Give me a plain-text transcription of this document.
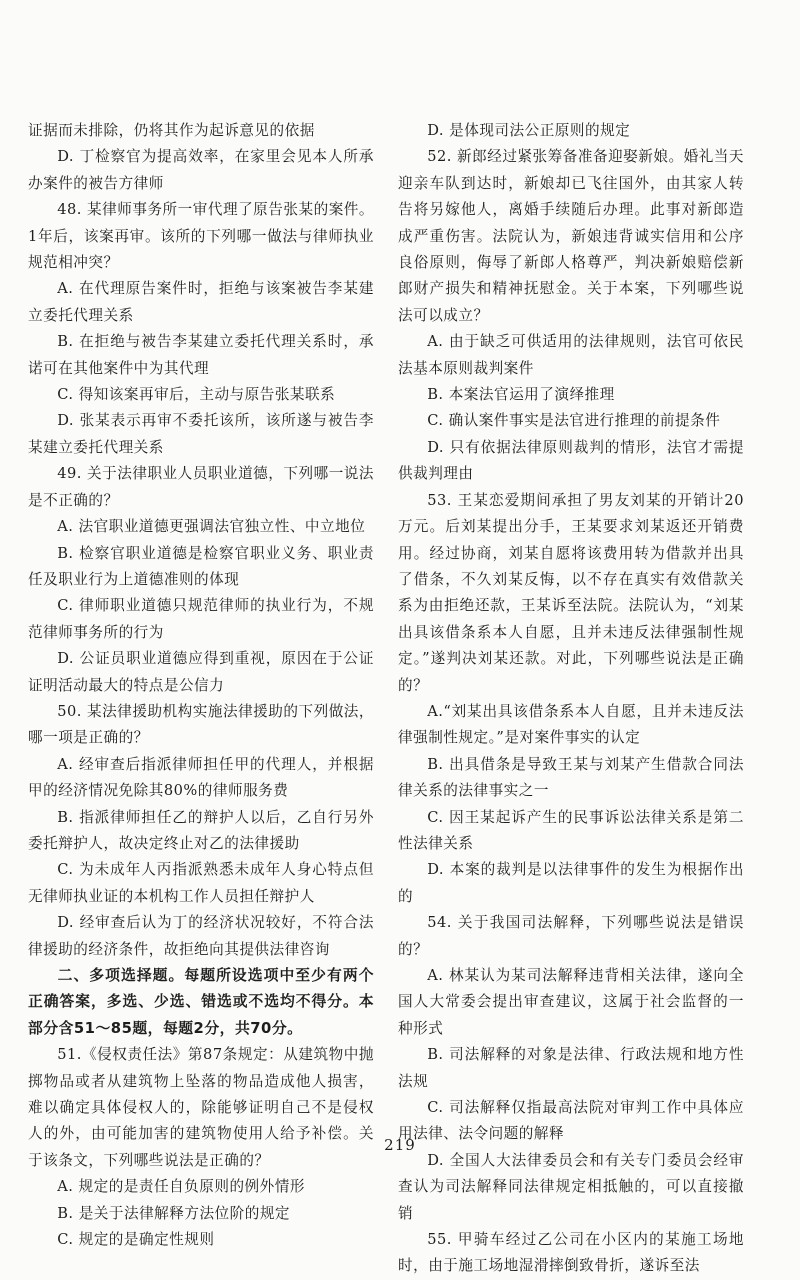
证据而未排除，仍将其作为起诉意见的依据

D. 丁检察官为提高效率，在家里会见本人所承办案件的被告方律师

48. 某律师事务所一审代理了原告张某的案件。1年后，该案再审。该所的下列哪一做法与律师执业规范相冲突？

A. 在代理原告案件时，拒绝与该案被告李某建立委托代理关系

B. 在拒绝与被告李某建立委托代理关系时，承诺可在其他案件中为其代理

C. 得知该案再审后，主动与原告张某联系

D. 张某表示再审不委托该所，该所遂与被告李某建立委托代理关系

49. 关于法律职业人员职业道德，下列哪一说法是不正确的？

A. 法官职业道德更强调法官独立性、中立地位

B. 检察官职业道德是检察官职业义务、职业责任及职业行为上道德准则的体现

C. 律师职业道德只规范律师的执业行为，不规范律师事务所的行为

D. 公证员职业道德应得到重视，原因在于公证证明活动最大的特点是公信力

50. 某法律援助机构实施法律援助的下列做法，哪一项是正确的？

A. 经审查后指派律师担任甲的代理人，并根据甲的经济情况免除其80%的律师服务费

B. 指派律师担任乙的辩护人以后，乙自行另外委托辩护人，故决定终止对乙的法律援助

C. 为未成年人丙指派熟悉未成年人身心特点但无律师执业证的本机构工作人员担任辩护人

D. 经审查后认为丁的经济状况较好，不符合法律援助的经济条件，故拒绝向其提供法律咨询

二、多项选择题。每题所设选项中至少有两个正确答案，多选、少选、错选或不选均不得分。本部分含51～85题，每题2分，共70分。

51.《侵权责任法》第87条规定：从建筑物中抛掷物品或者从建筑物上坠落的物品造成他人损害，难以确定具体侵权人的，除能够证明自己不是侵权人的外，由可能加害的建筑物使用人给予补偿。关于该条文，下列哪些说法是正确的？

A. 规定的是责任自负原则的例外情形

B. 是关于法律解释方法位阶的规定

C. 规定的是确定性规则

D. 是体现司法公正原则的规定

52. 新郎经过紧张筹备准备迎娶新娘。婚礼当天迎亲车队到达时，新娘却已飞往国外，由其家人转告将另嫁他人，离婚手续随后办理。此事对新郎造成严重伤害。法院认为，新娘违背诚实信用和公序良俗原则，侮辱了新郎人格尊严，判决新娘赔偿新郎财产损失和精神抚慰金。关于本案，下列哪些说法可以成立？

A. 由于缺乏可供适用的法律规则，法官可依民法基本原则裁判案件

B. 本案法官运用了演绎推理

C. 确认案件事实是法官进行推理的前提条件

D. 只有依据法律原则裁判的情形，法官才需提供裁判理由

53. 王某恋爱期间承担了男友刘某的开销计20万元。后刘某提出分手，王某要求刘某返还开销费用。经过协商，刘某自愿将该费用转为借款并出具了借条，不久刘某反悔，以不存在真实有效借款关系为由拒绝还款，王某诉至法院。法院认为，“刘某出具该借条系本人自愿，且并未违反法律强制性规定。”遂判决刘某还款。对此，下列哪些说法是正确的？

A.“刘某出具该借条系本人自愿，且并未违反法律强制性规定。”是对案件事实的认定

B. 出具借条是导致王某与刘某产生借款合同法律关系的法律事实之一

C. 因王某起诉产生的民事诉讼法律关系是第二性法律关系

D. 本案的裁判是以法律事件的发生为根据作出的

54. 关于我国司法解释，下列哪些说法是错误的？

A. 林某认为某司法解释违背相关法律，遂向全国人大常委会提出审查建议，这属于社会监督的一种形式

B. 司法解释的对象是法律、行政法规和地方性法规

C. 司法解释仅指最高法院对审判工作中具体应用法律、法令问题的解释

D. 全国人大法律委员会和有关专门委员会经审查认为司法解释同法律规定相抵触的，可以直接撤销

55. 甲骑车经过乙公司在小区内的某施工场地时，由于施工场地湿滑摔倒致骨折，遂诉至法

219
